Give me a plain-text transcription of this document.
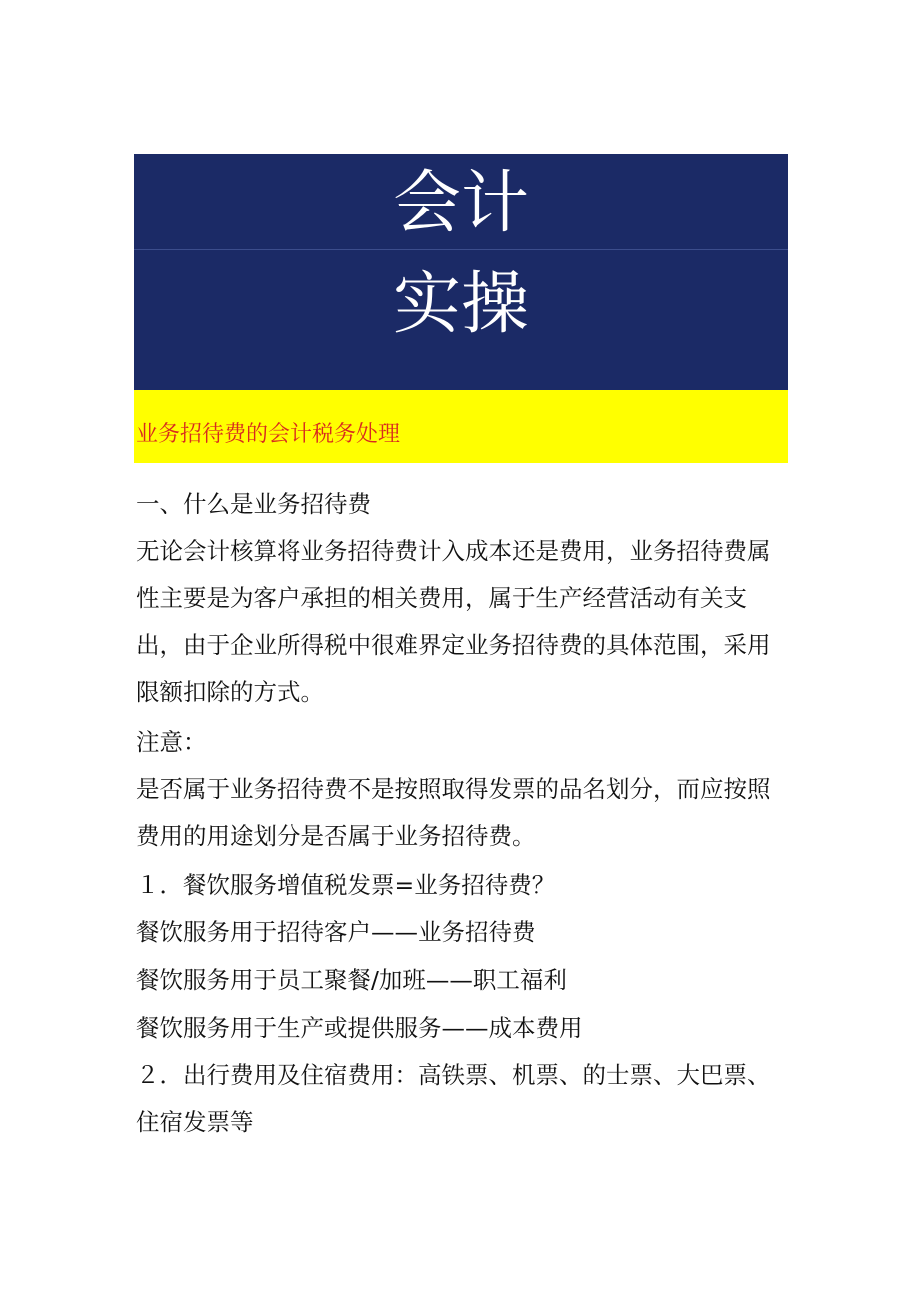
会计
实操
业务招待费的会计税务处理

一、什么是业务招待费

无论会计核算将业务招待费计入成本还是费用，业务招待费属性主要是为客户承担的相关费用，属于生产经营活动有关支出，由于企业所得税中很难界定业务招待费的具体范围，采用限额扣除的方式。

注意：

是否属于业务招待费不是按照取得发票的品名划分，而应按照费用的用途划分是否属于业务招待费。

１．餐饮服务增值税发票=业务招待费？

餐饮服务用于招待客户——业务招待费

餐饮服务用于员工聚餐/加班——职工福利

餐饮服务用于生产或提供服务——成本费用

２．出行费用及住宿费用：高铁票、机票、的士票、大巴票、住宿发票等
